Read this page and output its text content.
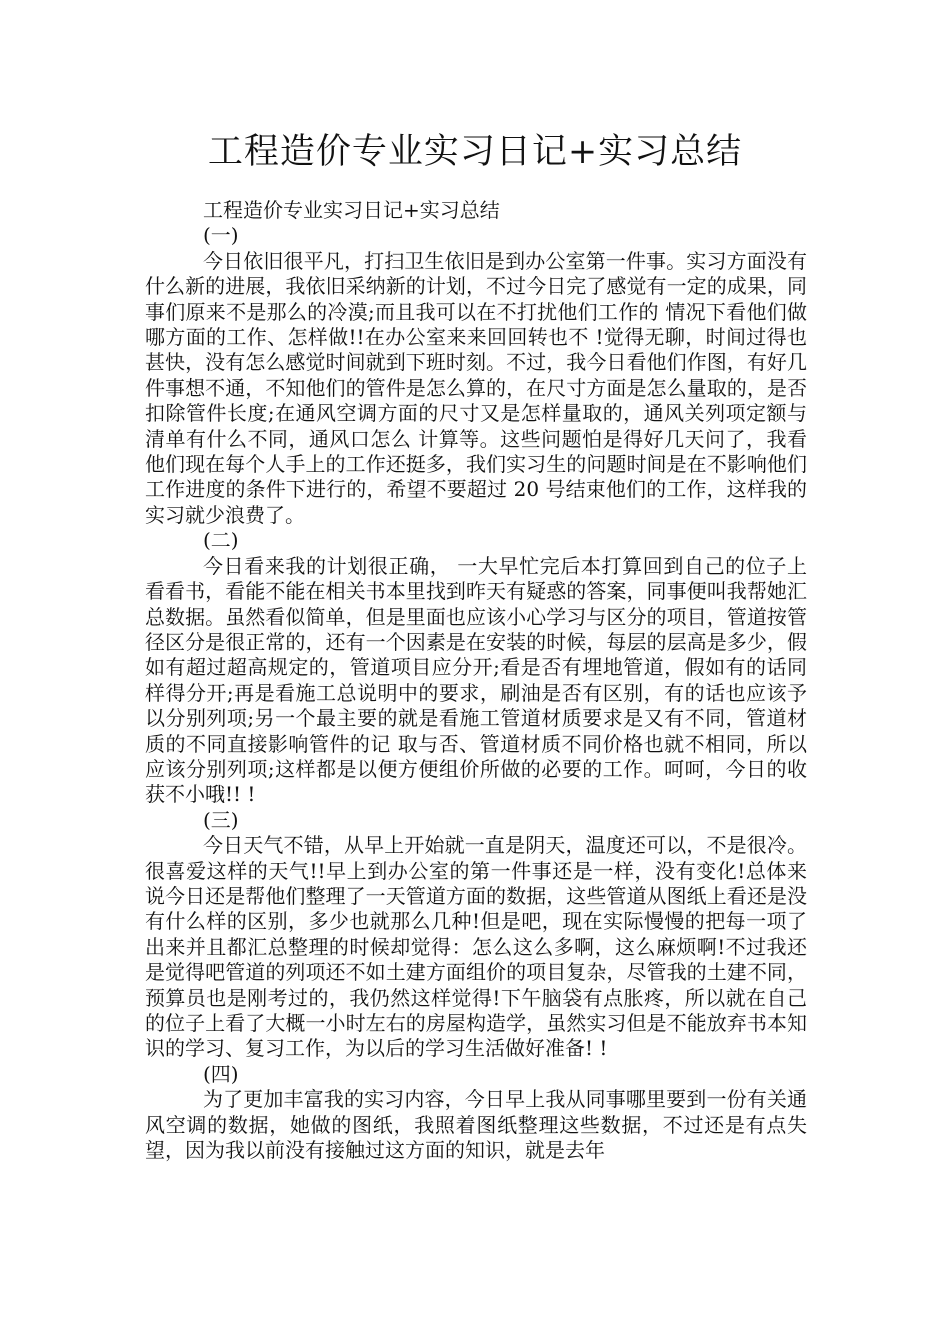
工程造价专业实习日记+实习总结

工程造价专业实习日记+实习总结

(一)

今日依旧很平凡，打扫卫生依旧是到办公室第一件事。实习方面没有什么新的进展，我依旧采纳新的计划，不过今日完了感觉有一定的成果，同事们原来不是那么的冷漠;而且我可以在不打扰他们工作的 情况下看他们做哪方面的工作、怎样做!!在办公室来来回回转也不 !觉得无聊，时间过得也甚快，没有怎么感觉时间就到下班时刻。不过，我今日看他们作图，有好几件事想不通，不知他们的管件是怎么算的，在尺寸方面是怎么量取的，是否扣除管件长度;在通风空调方面的尺寸又是怎样量取的，通风关列项定额与清单有什么不同，通风口怎么 计算等。这些问题怕是得好几天问了，我看他们现在每个人手上的工作还挺多，我们实习生的问题时间是在不影响他们工作进度的条件下进行的，希望不要超过 20 号结束他们的工作，这样我的实习就少浪费了。

(二)

今日看来我的计划很正确， 一大早忙完后本打算回到自己的位子上看看书，看能不能在相关书本里找到昨天有疑惑的答案，同事便叫我帮她汇总数据。虽然看似简单，但是里面也应该小心学习与区分的项目，管道按管径区分是很正常的，还有一个因素是在安装的时候，每层的层高是多少，假如有超过超高规定的，管道项目应分开;看是否有埋地管道，假如有的话同样得分开;再是看施工总说明中的要求，刷油是否有区别，有的话也应该予以分别列项;另一个最主要的就是看施工管道材质要求是又有不同，管道材质的不同直接影响管件的记 取与否、管道材质不同价格也就不相同，所以应该分别列项;这样都是以便方便组价所做的必要的工作。呵呵，今日的收获不小哦!! !

(三)

今日天气不错，从早上开始就一直是阴天，温度还可以，不是很冷。很喜爱这样的天气!!早上到办公室的第一件事还是一样，没有变化!总体来说今日还是帮他们整理了一天管道方面的数据，这些管道从图纸上看还是没有什么样的区别，多少也就那么几种!但是吧，现在实际慢慢的把每一项了出来并且都汇总整理的时候却觉得：怎么这么多啊，这么麻烦啊!不过我还是觉得吧管道的列项还不如土建方面组价的项目复杂，尽管我的土建不同，预算员也是刚考过的，我仍然这样觉得!下午脑袋有点胀疼，所以就在自己的位子上看了大概一小时左右的房屋构造学，虽然实习但是不能放弃书本知识的学习、复习工作，为以后的学习生活做好准备! !

(四)

为了更加丰富我的实习内容，今日早上我从同事哪里要到一份有关通风空调的数据，她做的图纸，我照着图纸整理这些数据，不过还是有点失望，因为我以前没有接触过这方面的知识，就是去年
